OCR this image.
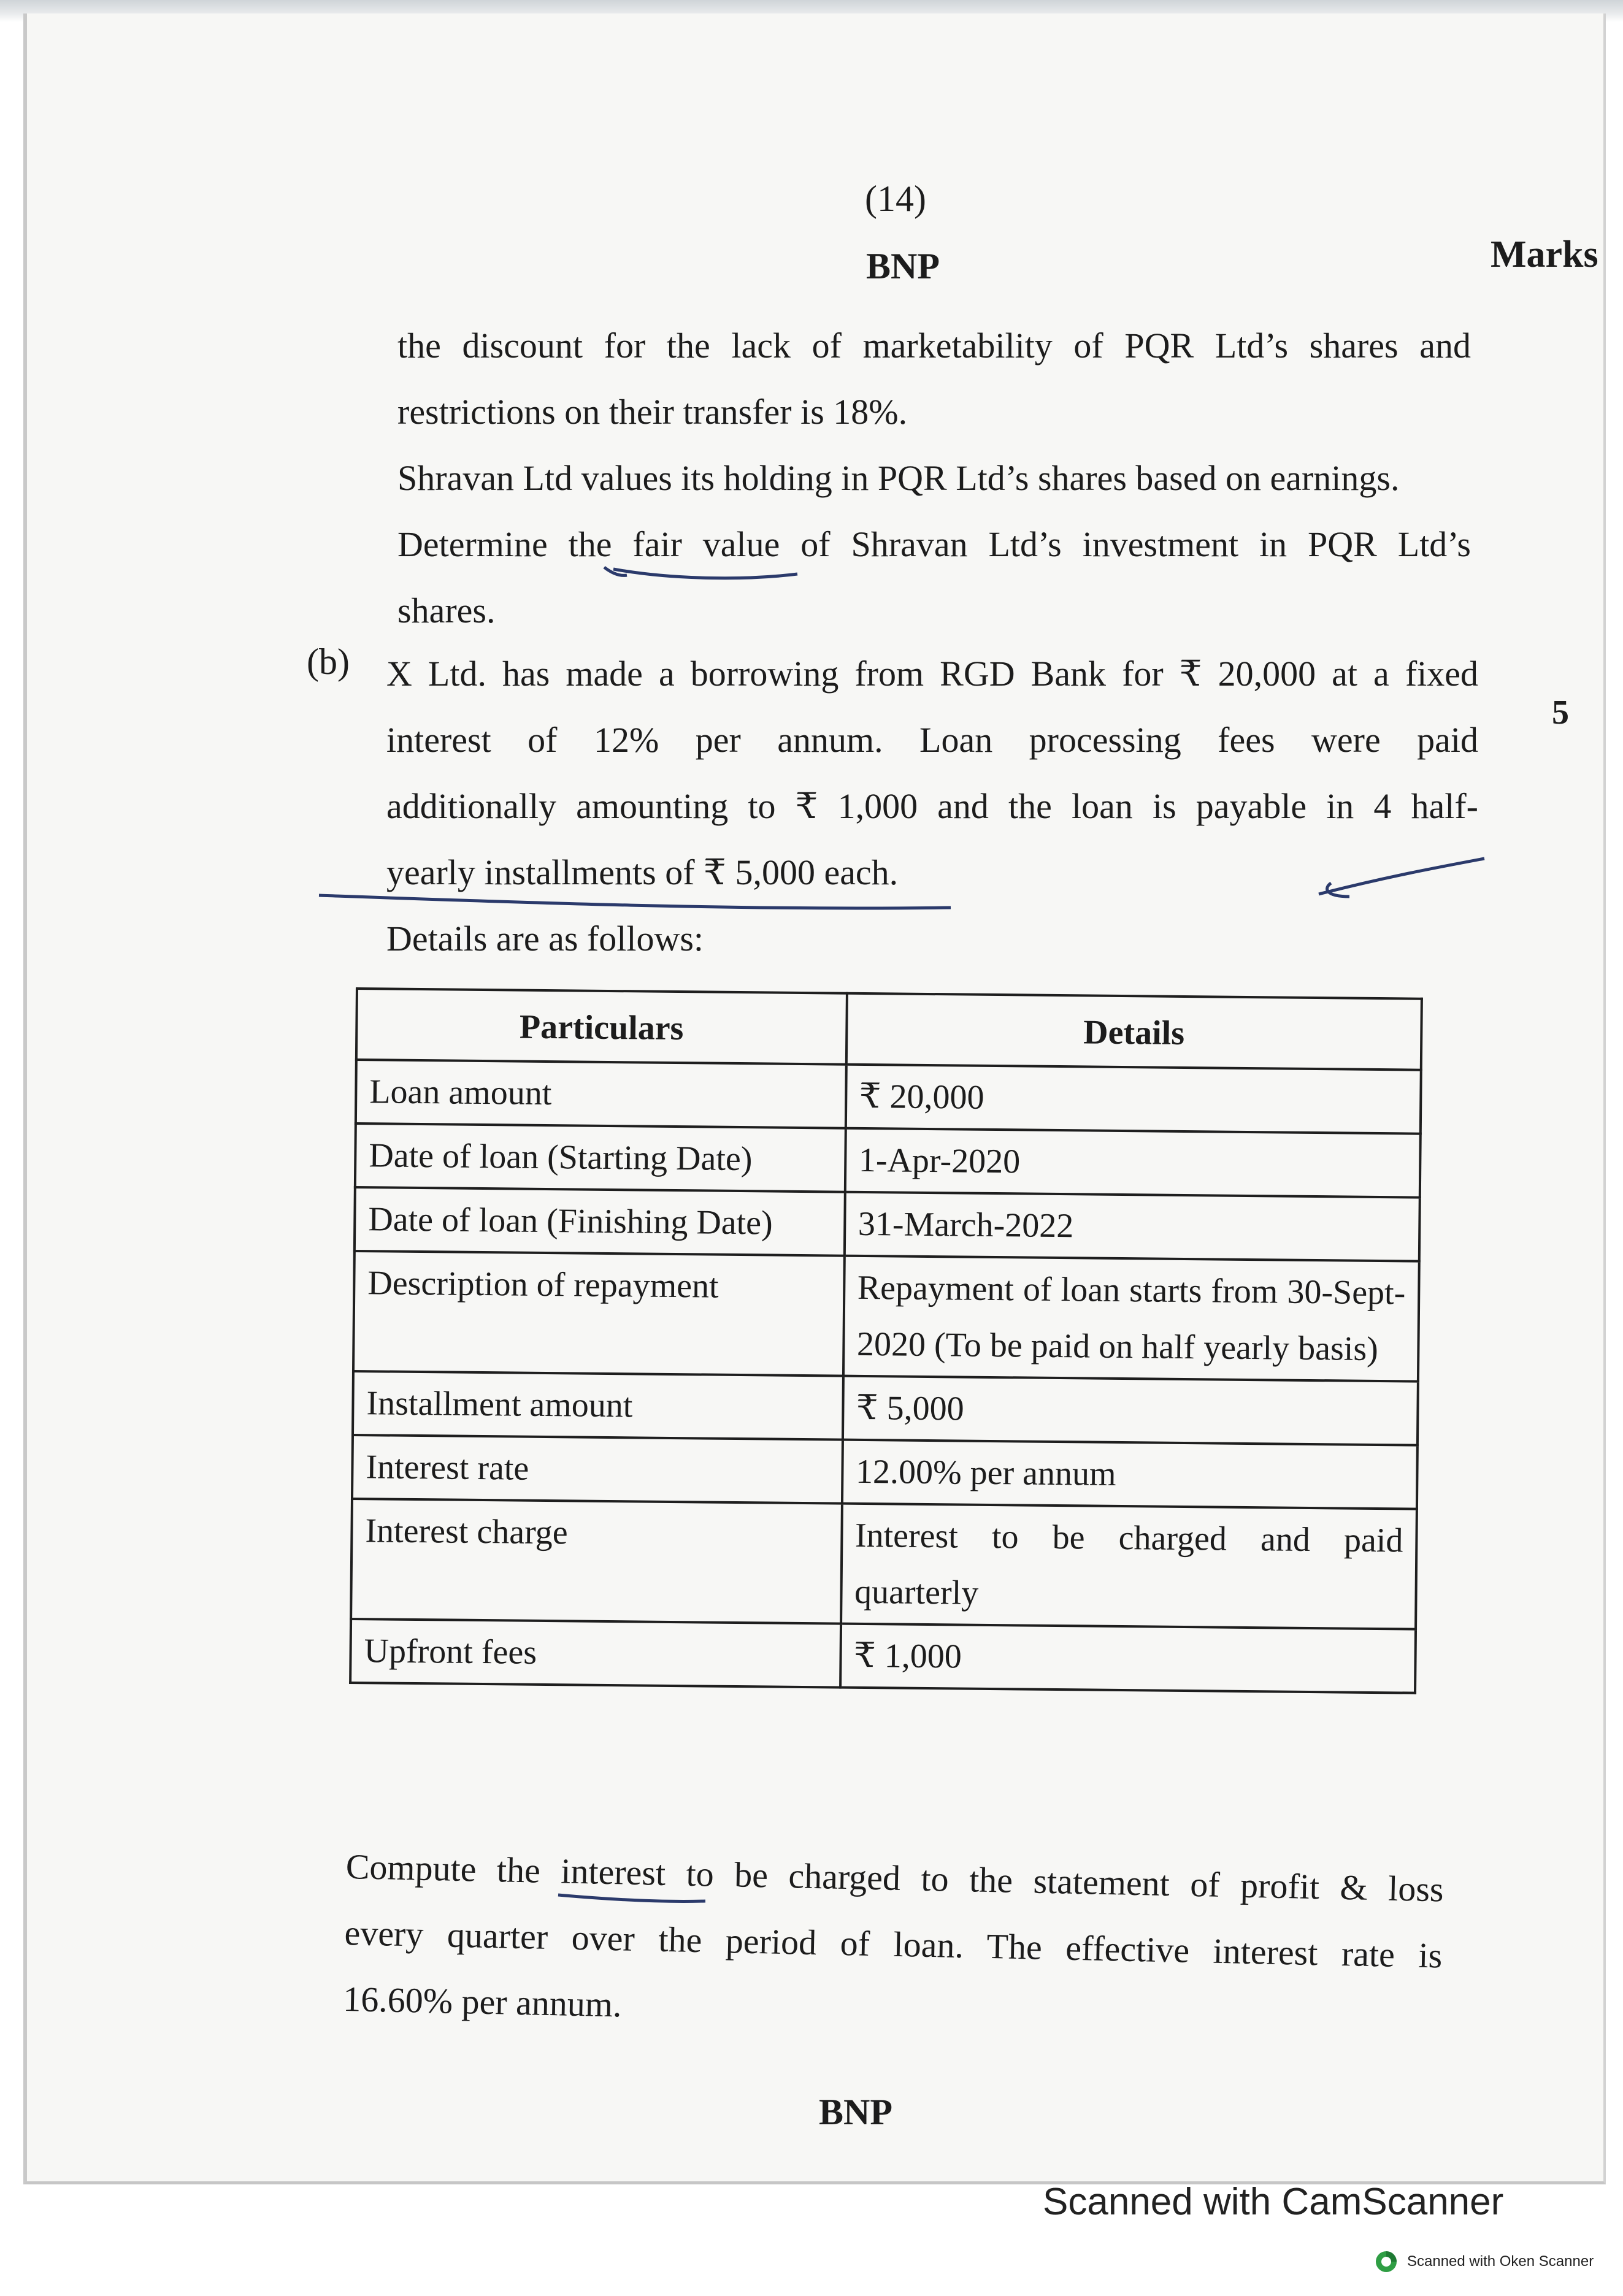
(14)
BNP	Marks
the discount for the lack of marketability of PQR Ltd’s shares and
restrictions on their transfer is 18%.
Shravan Ltd values its holding in PQR Ltd’s shares based on earnings.
Determine the fair value of Shravan Ltd’s investment in PQR Ltd’s
shares.
(b)
5
X Ltd. has made a borrowing from RGD Bank for ₹ 20,000 at a fixed
interest of 12% per annum. Loan processing fees were paid
additionally amounting to ₹ 1,000 and the loan is payable in 4 half-
yearly installments of ₹ 5,000 each.
Details are as follows:
Particulars	Details
Loan amount	₹ 20,000
Date of loan (Starting Date)	1-Apr-2020
Date of loan (Finishing Date)	31-March-2022
Description of repayment	Repayment of loan starts from 30-Sept-2020 (To be paid on half yearly basis)
Installment amount	₹ 5,000
Interest rate	12.00% per annum
Interest charge	Interest to be charged and paid quarterly
Upfront fees	₹ 1,000
Compute the interest to be charged to the statement of profit & loss
every quarter over the period of loan. The effective interest rate is
16.60% per annum.
BNP
Scanned with CamScanner
Scanned with Oken Scanner
